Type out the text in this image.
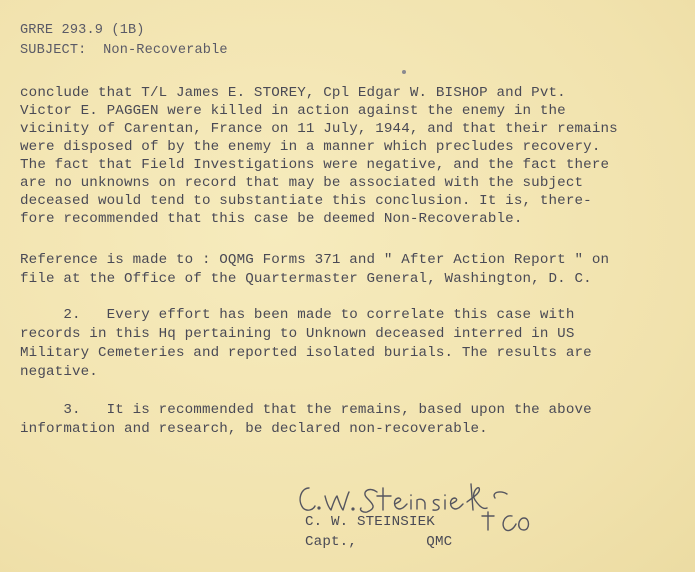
GRRE 293.9 (1B)
SUBJECT:  Non-Recoverable
conclude that T/L James E. STOREY, Cpl Edgar W. BISHOP and Pvt.
Victor E. PAGGEN were killed in action against the enemy in the
vicinity of Carentan, France on 11 July, 1944, and that their remains
were disposed of by the enemy in a manner which precludes recovery.
The fact that Field Investigations were negative, and the fact there
are no unknowns on record that may be associated with the subject
deceased would tend to substantiate this conclusion. It is, there-
fore recommended that this case be deemed Non-Recoverable.
Reference is made to : OQMG Forms 371 and " After Action Report " on
file at the Office of the Quartermaster General, Washington, D. C.
2.   Every effort has been made to correlate this case with
records in this Hq pertaining to Unknown deceased interred in US
Military Cemeteries and reported isolated burials. The results are
negative.
3.   It is recommended that the remains, based upon the above
information and research, be declared non-recoverable.
C. W. STEINSIEK
Capt.,        QMC
